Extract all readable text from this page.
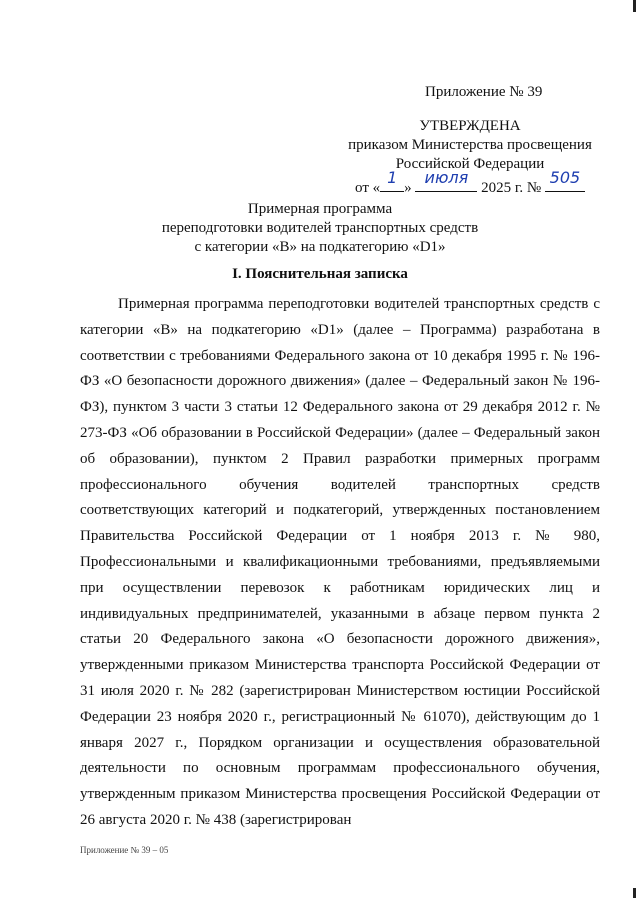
Приложение № 39
УТВЕРЖДЕНА
приказом Министерства просвещения
Российской Федерации
от «
1
»
июля
2025 г. №
505
Примерная программа
переподготовки водителей транспортных средств
с категории «B» на подкатегорию «D1»
I. Пояснительная записка

Примерная программа переподготовки водителей транспортных средств с категории «B» на подкатегорию «D1» (далее – Программа) разработана в соответствии с требованиями Федерального закона от 10 декабря 1995 г. № 196-ФЗ «О безопасности дорожного движения» (далее – Федеральный закон № 196-ФЗ), пунктом 3 части 3 статьи 12 Федерального закона от 29 декабря 2012 г. № 273-ФЗ «Об образовании в Российской Федерации» (далее – Федеральный закон об образовании), пунктом 2 Правил разработки примерных программ профессионального обучения водителей транспортных средств соответствующих категорий и подкатегорий, утвержденных постановлением Правительства Российской Федерации от 1 ноября 2013 г. № 980, Профессиональными и квалификационными требованиями, предъявляемыми при осуществлении перевозок к работникам юридических лиц и индивидуальных предпринимателей, указанными в абзаце первом пункта 2 статьи 20 Федерального закона «О безопасности дорожного движения», утвержденными приказом Министерства транспорта Российской Федерации от 31 июля 2020 г. № 282 (зарегистрирован Министерством юстиции Российской Федерации 23 ноября 2020 г., регистрационный № 61070), действующим до 1 января 2027 г., Порядком организации и осуществления образовательной деятельности по основным программам профессионального обучения, утвержденным приказом Министерства просвещения Российской Федерации от 26 августа 2020 г. № 438 (зарегистрирован

Приложение № 39 – 05
